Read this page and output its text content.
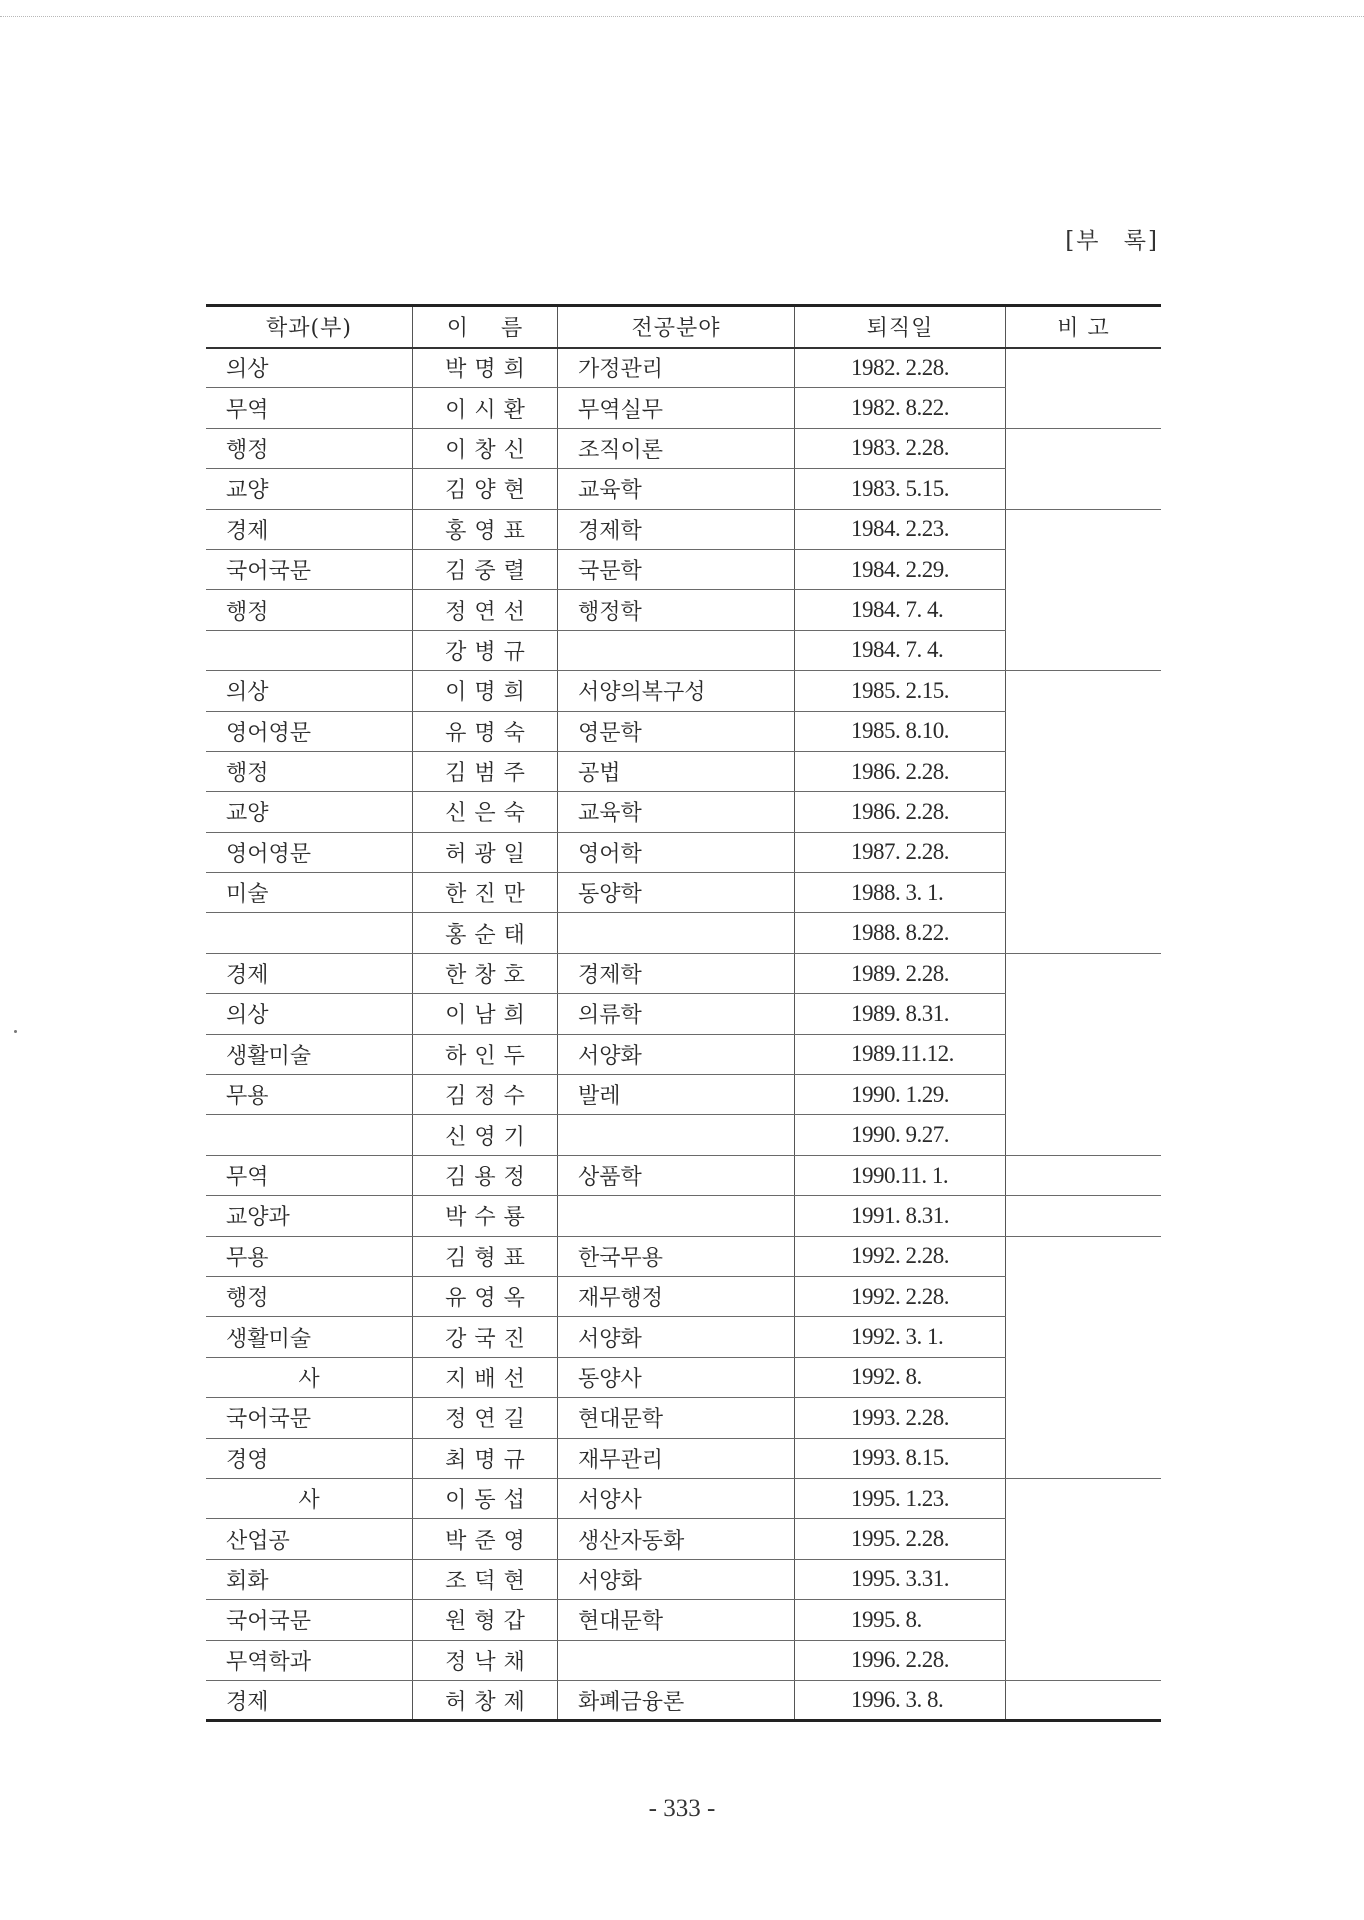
[부 록]
학과(부)	이    름	전공분야	퇴직일	비 고
의상	박명희	가정관리	1982. 2.28.	
무역	이시환	무역실무	1982. 8.22.	
행정	이창신	조직이론	1983. 2.28.	
교양	김양현	교육학	1983. 5.15.	
경제	홍영표	경제학	1984. 2.23.	
국어국문	김중렬	국문학	1984. 2.29.	
행정	정연선	행정학	1984. 7. 4.	
	강병규		1984. 7. 4.	
의상	이명희	서양의복구성	1985. 2.15.	
영어영문	유명숙	영문학	1985. 8.10.	
행정	김범주	공법	1986. 2.28.	
교양	신은숙	교육학	1986. 2.28.	
영어영문	허광일	영어학	1987. 2.28.	
미술	한진만	동양학	1988. 3. 1.	
	홍순태		1988. 8.22.	
경제	한창호	경제학	1989. 2.28.	
의상	이남희	의류학	1989. 8.31.	
생활미술	하인두	서양화	1989.11.12.	
무용	김정수	발레	1990. 1.29.	
	신영기		1990. 9.27.	
무역	김용정	상품학	1990.11. 1.	
교양과	박수룡		1991. 8.31.	
무용	김형표	한국무용	1992. 2.28.	
행정	유영옥	재무행정	1992. 2.28.	
생활미술	강국진	서양화	1992. 3. 1.	
사	지배선	동양사	1992. 8.	
국어국문	정연길	현대문학	1993. 2.28.	
경영	최명규	재무관리	1993. 8.15.	
사	이동섭	서양사	1995. 1.23.	
산업공	박준영	생산자동화	1995. 2.28.	
회화	조덕현	서양화	1995. 3.31.	
국어국문	원형갑	현대문학	1995. 8.	
무역학과	정낙채		1996. 2.28.	
경제	허창제	화폐금융론	1996. 3. 8.	
- 333 -
